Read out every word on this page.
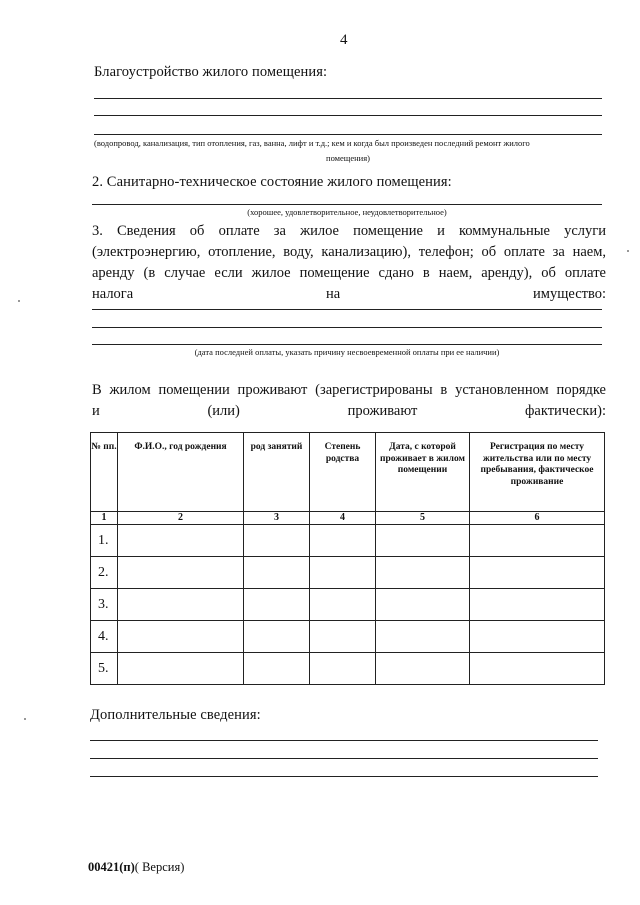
4
Благоустройство жилого помещения:
(водопровод, канализация, тип отопления, газ, ванна, лифт и т.д.; кем и когда был произведен последний ремонт жилого
помещения)
2. Санитарно-техническое состояние жилого помещения:
(хорошее, удовлетворительное, неудовлетворительное)
3. Сведения об оплате за жилое помещение и коммунальные услуги
(электроэнергию, отопление, воду, канализацию), телефон; об оплате за наем,
аренду (в случае если жилое помещение сдано в наем, аренду), об оплате
налога на имущество:
(дата последней оплаты, указать причину несвоевременной оплаты при ее наличии)
В жилом помещении проживают (зарегистрированы в установленном порядке
и (или) проживают фактически):
№ пп.	Ф.И.О., год рождения	род занятий	Степень родства	Дата, с которой проживает в жилом помещении	Регистрация по месту жительства или по месту пребывания, фактическое проживание
1	2	3	4	5	6
1.					
2.					
3.					
4.					
5.					
Дополнительные сведения:
00421(п)( Версия)
